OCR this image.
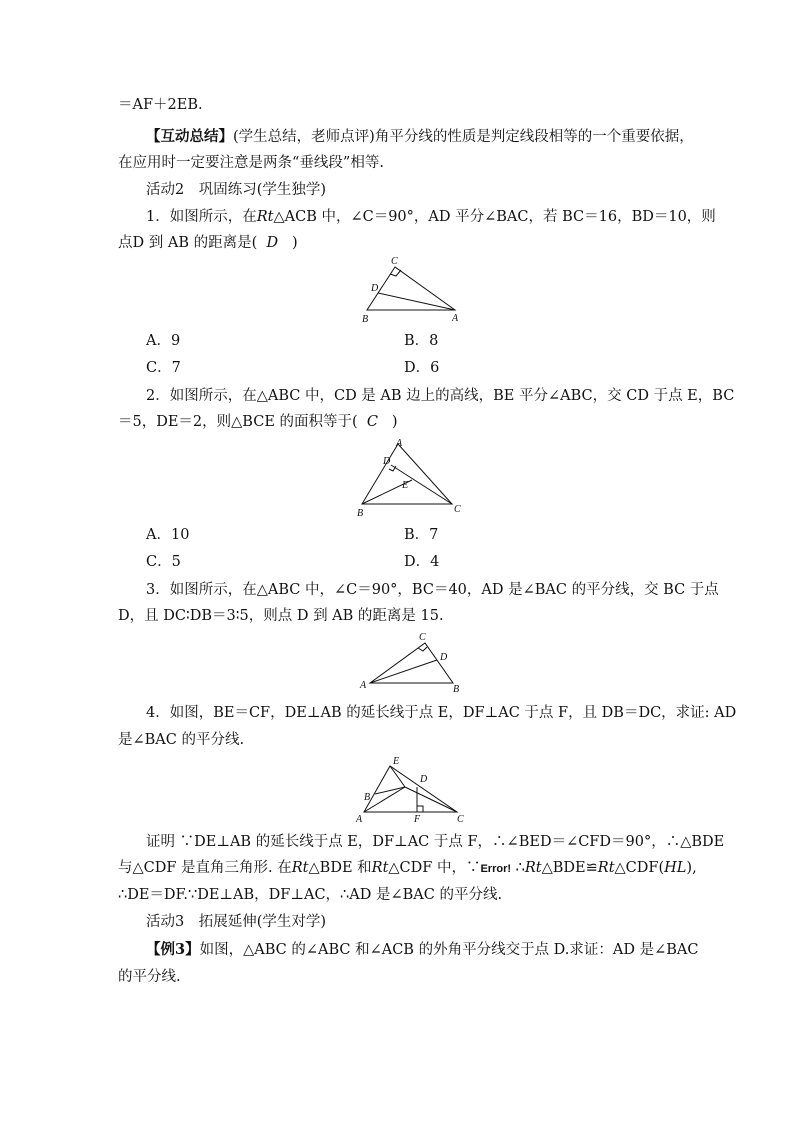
＝AF＋2EB.
【互动总结】(学生总结，老师点评)角平分线的性质是判定线段相等的一个重要依据，
在应用时一定要注意是两条“垂线段”相等.
活动2　巩固练习(学生独学)
1．如图所示，在Rt△ACB 中，∠C＝90°，AD 平分∠BAC，若 BC＝16，BD＝10，则
点D 到 AB 的距离是( D )
C
D
B	A
A．9	B．8
C．7	D．6
2．如图所示，在△ABC 中，CD 是 AB 边上的高线，BE 平分∠ABC，交 CD 于点 E，BC
＝5，DE＝2，则△BCE 的面积等于( C )
A
D
E
B	C
A．10	B．7
C．5	D．4
3．如图所示，在△ABC 中，∠C＝90°，BC＝40，AD 是∠BAC 的平分线，交 BC 于点
D，且 DC∶DB＝3∶5，则点 D 到 AB 的距离是 15.
C
D
A	B
4．如图，BE＝CF，DE⊥AB 的延长线于点 E，DF⊥AC 于点 F，且 DB＝DC，求证: AD
是∠BAC 的平分线.
E
D
B
A	F	C
证明 ∵DE⊥AB 的延长线于点 E，DF⊥AC 于点 F，∴∠BED＝∠CFD＝90°，∴△BDE
与△CDF 是直角三角形. 在Rt△BDE 和Rt△CDF 中，∵Error! ∴Rt△BDE≌Rt△CDF(HL),
∴DE＝DF.∵DE⊥AB，DF⊥AC，∴AD 是∠BAC 的平分线.
活动3　拓展延伸(学生对学)
【例3】如图，△ABC 的∠ABC 和∠ACB 的外角平分线交于点 D.求证：AD 是∠BAC
的平分线.
